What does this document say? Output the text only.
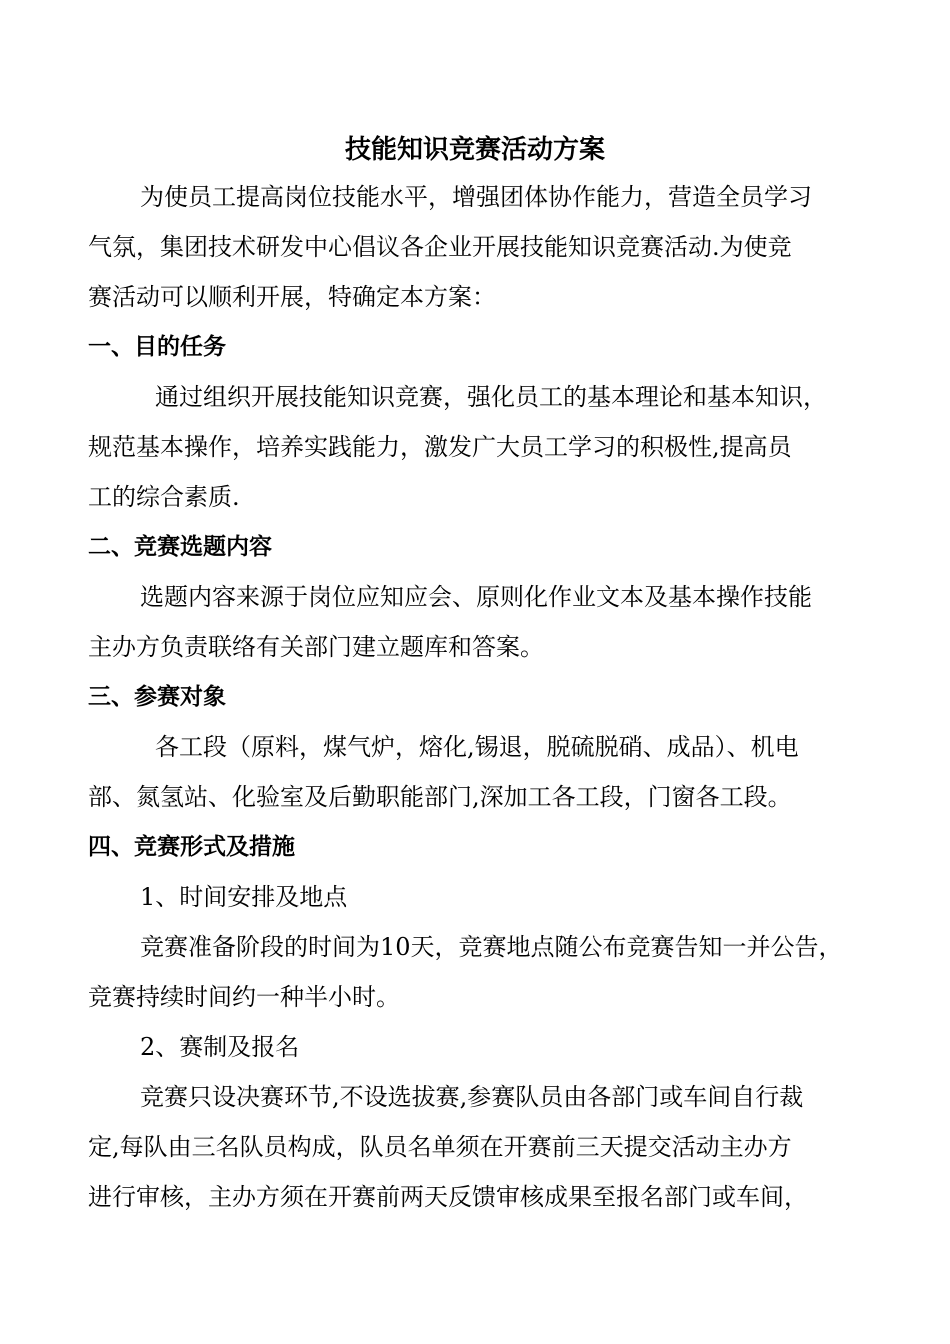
技能知识竞赛活动方案
为使员工提高岗位技能水平，增强团体协作能力，营造全员学习
气氛，集团技术研发中心倡议各企业开展技能知识竞赛活动.为使竞
赛活动可以顺利开展，特确定本方案：
一、目的任务
通过组织开展技能知识竞赛，强化员工的基本理论和基本知识，
规范基本操作，培养实践能力，激发广大员工学习的积极性,提高员
工的综合素质.
二、竞赛选题内容
选题内容来源于岗位应知应会、原则化作业文本及基本操作技能
主办方负责联络有关部门建立题库和答案。
三、参赛对象
各工段（原料，煤气炉，熔化,锡退，脱硫脱硝、成品）、机电
部、氮氢站、化验室及后勤职能部门,深加工各工段，门窗各工段。
四、竞赛形式及措施
1、时间安排及地点
竞赛准备阶段的时间为10天，竞赛地点随公布竞赛告知一并公告，
竞赛持续时间约一种半小时。
2、赛制及报名
竞赛只设决赛环节,不设选拔赛,参赛队员由各部门或车间自行裁
定,每队由三名队员构成，队员名单须在开赛前三天提交活动主办方
进行审核，主办方须在开赛前两天反馈审核成果至报名部门或车间，
